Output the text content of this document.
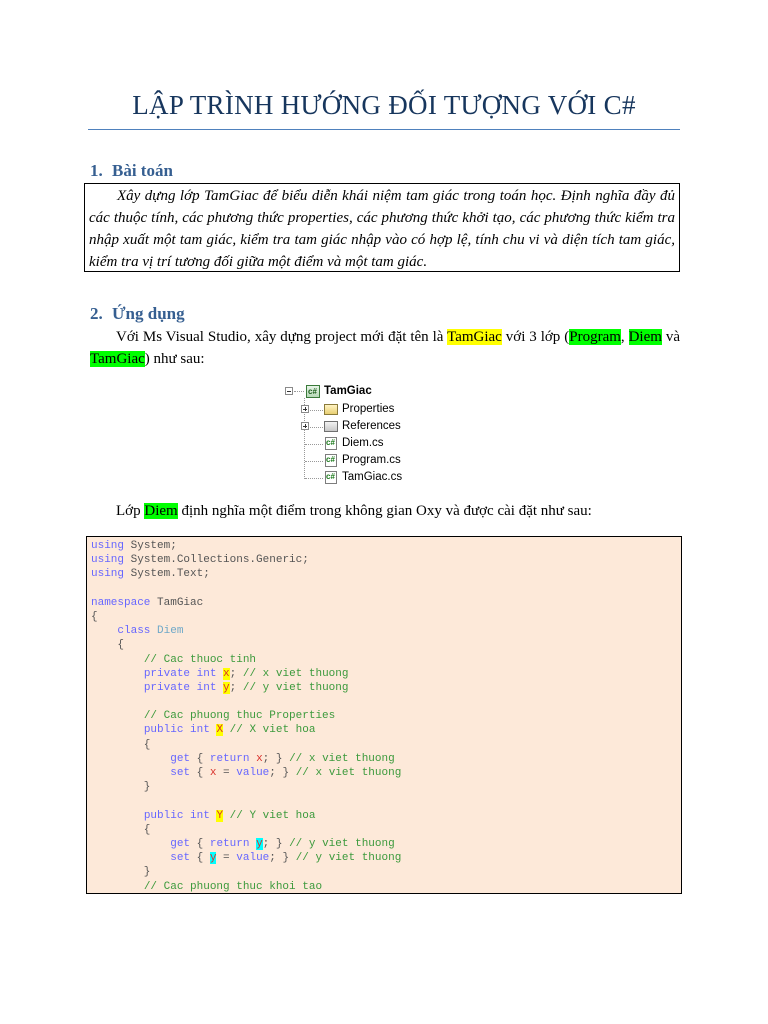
LẬP TRÌNH HƯỚNG ĐỐI TƯỢNG VỚI C#
1. Bài toán
Xây dựng lớp TamGiac để biểu diễn khái niệm tam giác trong toán học. Định nghĩa đầy đủ các thuộc tính, các phương thức properties, các phương thức khởi tạo, các phương thức kiểm tra nhập xuất một tam giác, kiểm tra tam giác nhập vào có hợp lệ, tính chu vi và diện tích tam giác, kiểm tra vị trí tương đối giữa một điểm và một tam giác.
2. Ứng dụng
Với Ms Visual Studio, xây dựng project mới đặt tên là TamGiac với 3 lớp (Program, Diem và TamGiac) như sau:
c#
TamGiac
Properties
References
c#
Diem.cs
c#
Program.cs
c#
TamGiac.cs
Lớp Diem định nghĩa một điểm trong không gian Oxy và được cài đặt như sau:
using System;
using System.Collections.Generic;
using System.Text;
namespace TamGiac
{
class Diem
{
// Cac thuoc tinh
private int x; // x viet thuong
private int y; // y viet thuong
// Cac phuong thuc Properties
public int X // X viet hoa
{
get { return x; } // x viet thuong
set { x = value; } // x viet thuong
}
public int Y // Y viet hoa
{
get { return y; } // y viet thuong
set { y = value; } // y viet thuong
}
// Cac phuong thuc khoi tao
